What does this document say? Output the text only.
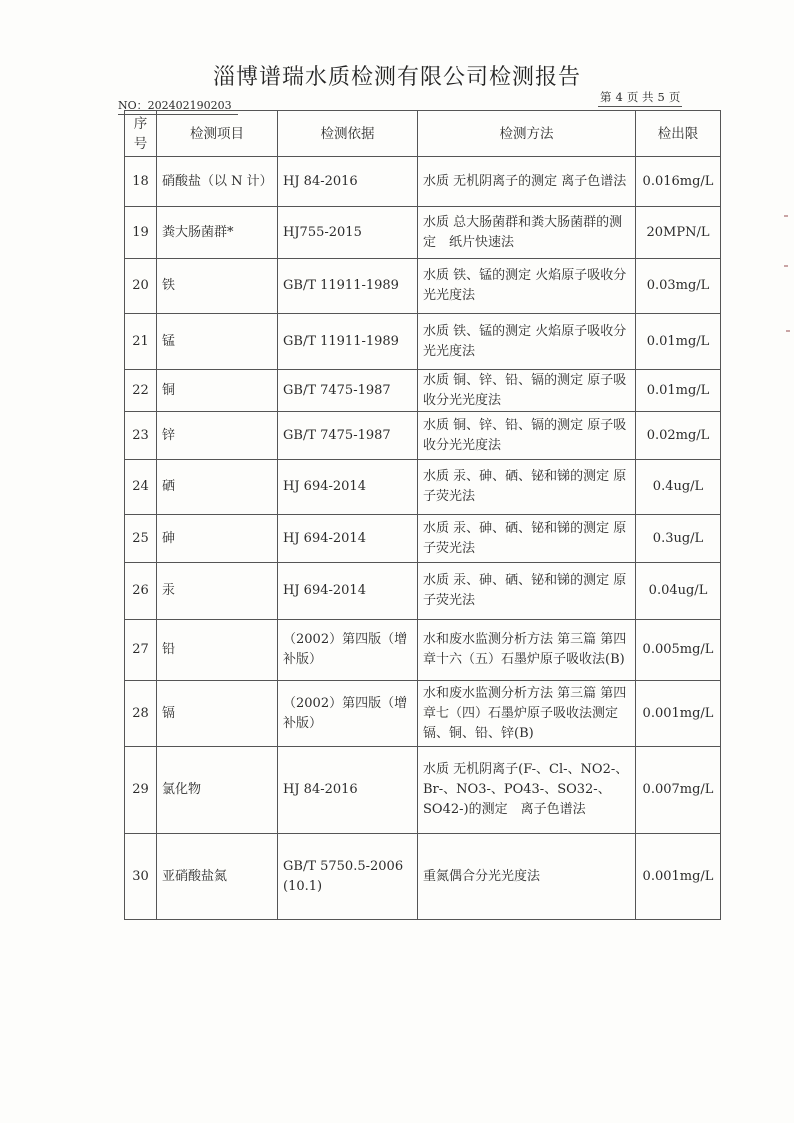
淄博谱瑞水质检测有限公司检测报告
NO：202402190203
第 4 页 共 5 页
序号	检测项目	检测依据	检测方法	检出限
18	硝酸盐（以 N 计）	HJ 84-2016	水质 无机阴离子的测定 离子色谱法	0.016mg/L
19	粪大肠菌群*	HJ755-2015	水质 总大肠菌群和粪大肠菌群的测定　纸片快速法	20MPN/L
20	铁	GB/T 11911-1989	水质 铁、锰的测定 火焰原子吸收分光光度法	0.03mg/L
21	锰	GB/T 11911-1989	水质 铁、锰的测定 火焰原子吸收分光光度法	0.01mg/L
22	铜	GB/T 7475-1987	水质 铜、锌、铅、镉的测定 原子吸收分光光度法	0.01mg/L
23	锌	GB/T 7475-1987	水质 铜、锌、铅、镉的测定 原子吸收分光光度法	0.02mg/L
24	硒	HJ 694-2014	水质 汞、砷、硒、铋和锑的测定 原子荧光法	0.4ug/L
25	砷	HJ 694-2014	水质 汞、砷、硒、铋和锑的测定 原子荧光法	0.3ug/L
26	汞	HJ 694-2014	水质 汞、砷、硒、铋和锑的测定 原子荧光法	0.04ug/L
27	铅	（2002）第四版（增补版）	水和废水监测分析方法 第三篇 第四章十六（五）石墨炉原子吸收法(B)	0.005mg/L
28	镉	（2002）第四版（增补版）	水和废水监测分析方法 第三篇 第四章七（四）石墨炉原子吸收法测定镉、铜、铅、锌(B)	0.001mg/L
29	氯化物	HJ 84-2016	水质 无机阴离子(F-、Cl-、NO2-、Br-、NO3-、PO43-、SO32-、SO42-)的测定　离子色谱法	0.007mg/L
30	亚硝酸盐氮	GB/T 5750.5-2006 (10.1)	重氮偶合分光光度法	0.001mg/L
